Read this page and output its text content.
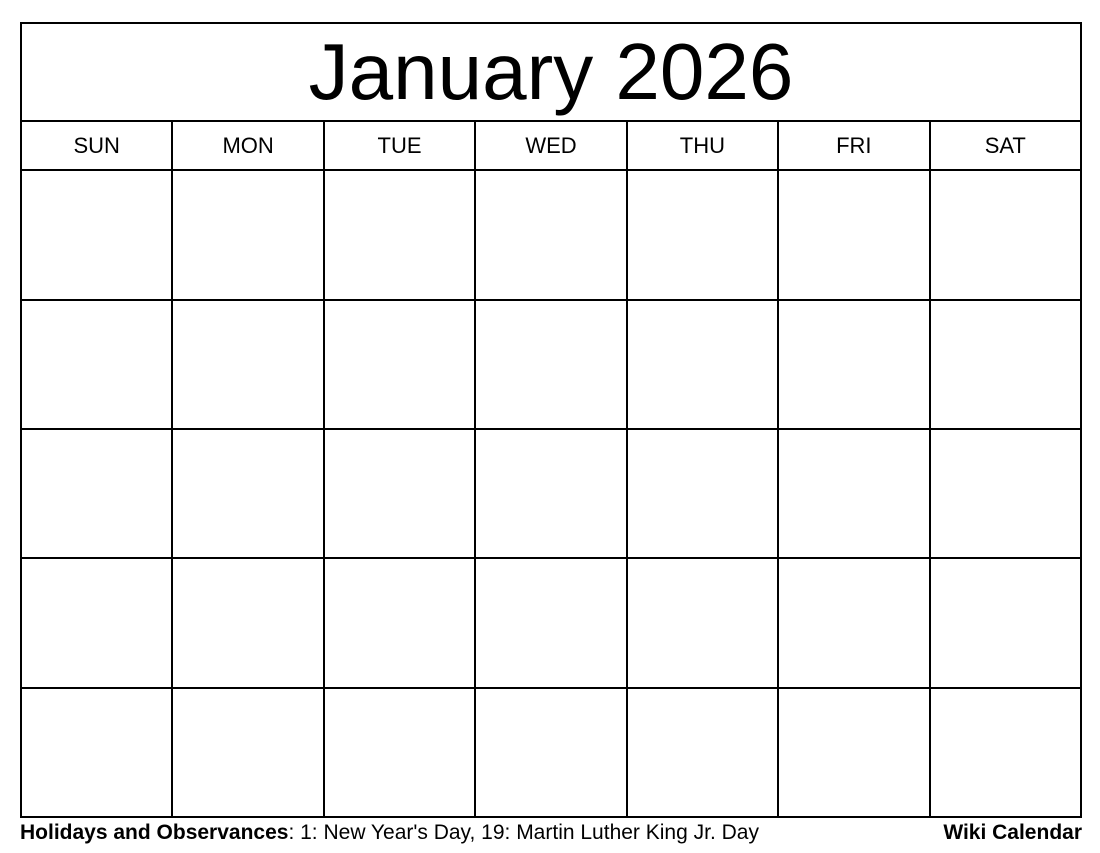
January 2026						
SUN	MON	TUE	WED	THU	FRI	SAT

Holidays and Observances: 1: New Year's Day, 19: Martin Luther King Jr. Day	Wiki Calendar
